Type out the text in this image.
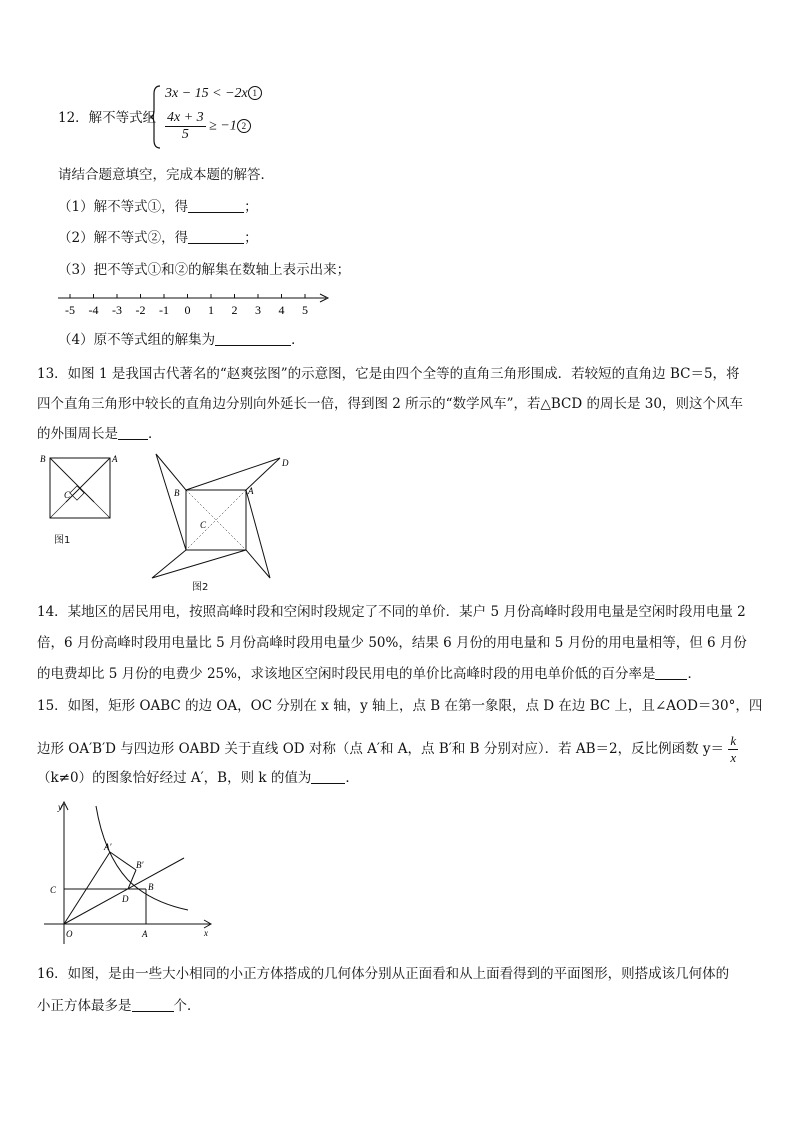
12．解不等式组
3x − 15 < −2x 1
$\frac{4x + 3}{5} \ge -1$ 2
请结合题意填空，完成本题的解答．
（1）解不等式①，得	；
（2）解不等式②，得	；
（3）把不等式①和②的解集在数轴上表示出来；
-5 -4 -3 -2 -1 0 1 2 3 4 5
（4）原不等式组的解集为	．
13．如图 1 是我国古代著名的“赵爽弦图”的示意图，它是由四个全等的直角三角形围成．若较短的直角边 BC＝5，将
四个直角三角形中较长的直角边分别向外延长一倍，得到图 2 所示的“数学风车”，若△BCD 的周长是 30，则这个风车
的外围周长是 ．
B	A
C
图1
B	A
C
D
图2
14．某地区的居民用电，按照高峰时段和空闲时段规定了不同的单价．某户 5 月份高峰时段用电量是空闲时段用电量 2
倍，6 月份高峰时段用电量比 5 月份高峰时段用电量少 50%，结果 6 月份的用电量和 5 月份的用电量相等，但 6 月份
的电费却比 5 月份的电费少 25%，求该地区空闲时段民用电的单价比高峰时段的用电单价低的百分率是 ．
15．如图，矩形 OABC 的边 OA，OC 分别在 x 轴，y 轴上，点 B 在第一象限，点 D 在边 BC 上，且∠AOD＝30°，四
边形 OA′B′D 与四边形 OABD 关于直线 OD 对称（点 A′和 A，点 B′和 B 分别对应）．若 AB＝2，反比例函数 $y= \frac{k}{x}$
（k≠0）的图象恰好经过 A′，B，则 k 的值为	．
y
x
O	A
C
D
B
A′
B′
16．如图，是由一些大小相同的小正方体搭成的几何体分别从正面看和从上面看得到的平面图形，则搭成该几何体的
小正方体最多是	个．
